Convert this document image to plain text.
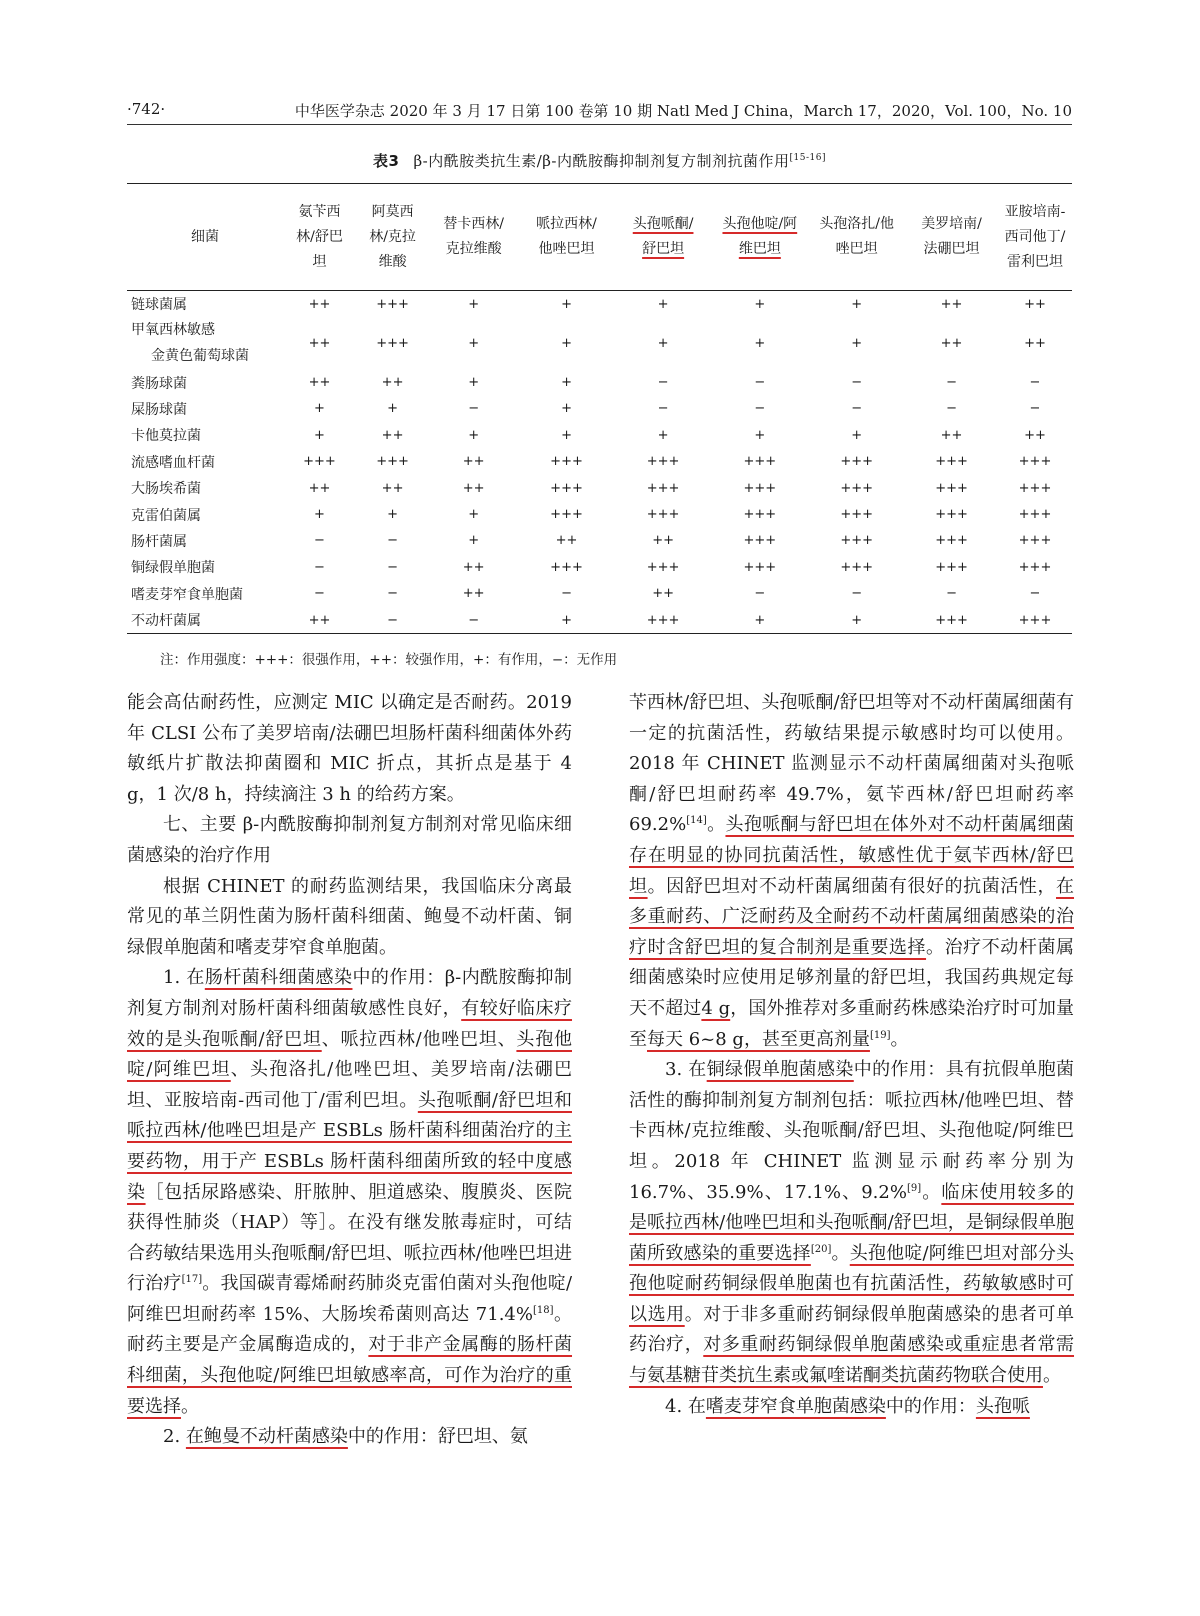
·742·	中华医学杂志 2020 年 3 月 17 日第 100 卷第 10 期 Natl Med J China，March 17，2020，Vol. 100，No. 10
表3 β-内酰胺类抗生素/β-内酰胺酶抑制剂复方制剂抗菌作用[15-16]
细菌	氨苄西林/舒巴坦	阿莫西林/克拉维酸	替卡西林/克拉维酸	哌拉西林/他唑巴坦	头孢哌酮/舒巴坦	头孢他啶/阿维巴坦	头孢洛扎/他唑巴坦	美罗培南/法硼巴坦	亚胺培南-西司他丁/雷利巴坦

链球菌属	++	+++	+	+	+	+	+	++	++

甲氧西林敏感
金黄色葡萄球菌	++	+++	+	+	+	+	+	++	++

粪肠球菌	++	++	+	+	−	−	−	−	−

屎肠球菌	+	+	−	+	−	−	−	−	−

卡他莫拉菌	+	++	+	+	+	+	+	++	++

流感嗜血杆菌	+++	+++	++	+++	+++	+++	+++	+++	+++

大肠埃希菌	++	++	++	+++	+++	+++	+++	+++	+++

克雷伯菌属	+	+	+	+++	+++	+++	+++	+++	+++

肠杆菌属	−	−	+	++	++	+++	+++	+++	+++

铜绿假单胞菌	−	−	++	+++	+++	+++	+++	+++	+++

嗜麦芽窄食单胞菌	−	−	++	−	++	−	−	−	−

不动杆菌属	++	−	−	+	+++	+	+	+++	+++
注：作用强度：+++：很强作用，++：较强作用，+：有作用，−：无作用

能会高估耐药性，应测定 MIC 以确定是否耐药。2019 年 CLSI 公布了美罗培南/法硼巴坦肠杆菌科细菌体外药敏纸片扩散法抑菌圈和 MIC 折点，其折点是基于 4 g，1 次/8 h，持续滴注 3 h 的给药方案。

七、主要 β-内酰胺酶抑制剂复方制剂对常见临床细菌感染的治疗作用

根据 CHINET 的耐药监测结果，我国临床分离最常见的革兰阴性菌为肠杆菌科细菌、鲍曼不动杆菌、铜绿假单胞菌和嗜麦芽窄食单胞菌。

1. 在肠杆菌科细菌感染中的作用：β-内酰胺酶抑制剂复方制剂对肠杆菌科细菌敏感性良好，有较好临床疗效的是头孢哌酮/舒巴坦、哌拉西林/他唑巴坦、头孢他啶/阿维巴坦、头孢洛扎/他唑巴坦、美罗培南/法硼巴坦、亚胺培南-西司他丁/雷利巴坦。头孢哌酮/舒巴坦和哌拉西林/他唑巴坦是产 ESBLs 肠杆菌科细菌治疗的主要药物，用于产 ESBLs 肠杆菌科细菌所致的轻中度感染［包括尿路感染、肝脓肿、胆道感染、腹膜炎、医院获得性肺炎（HAP）等］。在没有继发脓毒症时，可结合药敏结果选用头孢哌酮/舒巴坦、哌拉西林/他唑巴坦进行治疗[17]。我国碳青霉烯耐药肺炎克雷伯菌对头孢他啶/阿维巴坦耐药率 15%、大肠埃希菌则高达 71.4%[18]。耐药主要是产金属酶造成的，对于非产金属酶的肠杆菌科细菌，头孢他啶/阿维巴坦敏感率高，可作为治疗的重要选择。

2. 在鲍曼不动杆菌感染中的作用：舒巴坦、氨

苄西林/舒巴坦、头孢哌酮/舒巴坦等对不动杆菌属细菌有一定的抗菌活性，药敏结果提示敏感时均可以使用。2018 年 CHINET 监测显示不动杆菌属细菌对头孢哌酮/舒巴坦耐药率 49.7%，氨苄西林/舒巴坦耐药率 69.2%[14]。头孢哌酮与舒巴坦在体外对不动杆菌属细菌存在明显的协同抗菌活性，敏感性优于氨苄西林/舒巴坦。因舒巴坦对不动杆菌属细菌有很好的抗菌活性，在多重耐药、广泛耐药及全耐药不动杆菌属细菌感染的治疗时含舒巴坦的复合制剂是重要选择。治疗不动杆菌属细菌感染时应使用足够剂量的舒巴坦，我国药典规定每天不超过4 g，国外推荐对多重耐药株感染治疗时可加量至每天 6~8 g，甚至更高剂量[19]。

3. 在铜绿假单胞菌感染中的作用：具有抗假单胞菌活性的酶抑制剂复方制剂包括：哌拉西林/他唑巴坦、替卡西林/克拉维酸、头孢哌酮/舒巴坦、头孢他啶/阿维巴坦。2018 年 CHINET 监测显示耐药率分别为 16.7%、35.9%、17.1%、9.2%[9]。临床使用较多的是哌拉西林/他唑巴坦和头孢哌酮/舒巴坦，是铜绿假单胞菌所致感染的重要选择[20]。头孢他啶/阿维巴坦对部分头孢他啶耐药铜绿假单胞菌也有抗菌活性，药敏敏感时可以选用。对于非多重耐药铜绿假单胞菌感染的患者可单药治疗，对多重耐药铜绿假单胞菌感染或重症患者常需与氨基糖苷类抗生素或氟喹诺酮类抗菌药物联合使用。

4. 在嗜麦芽窄食单胞菌感染中的作用：头孢哌
